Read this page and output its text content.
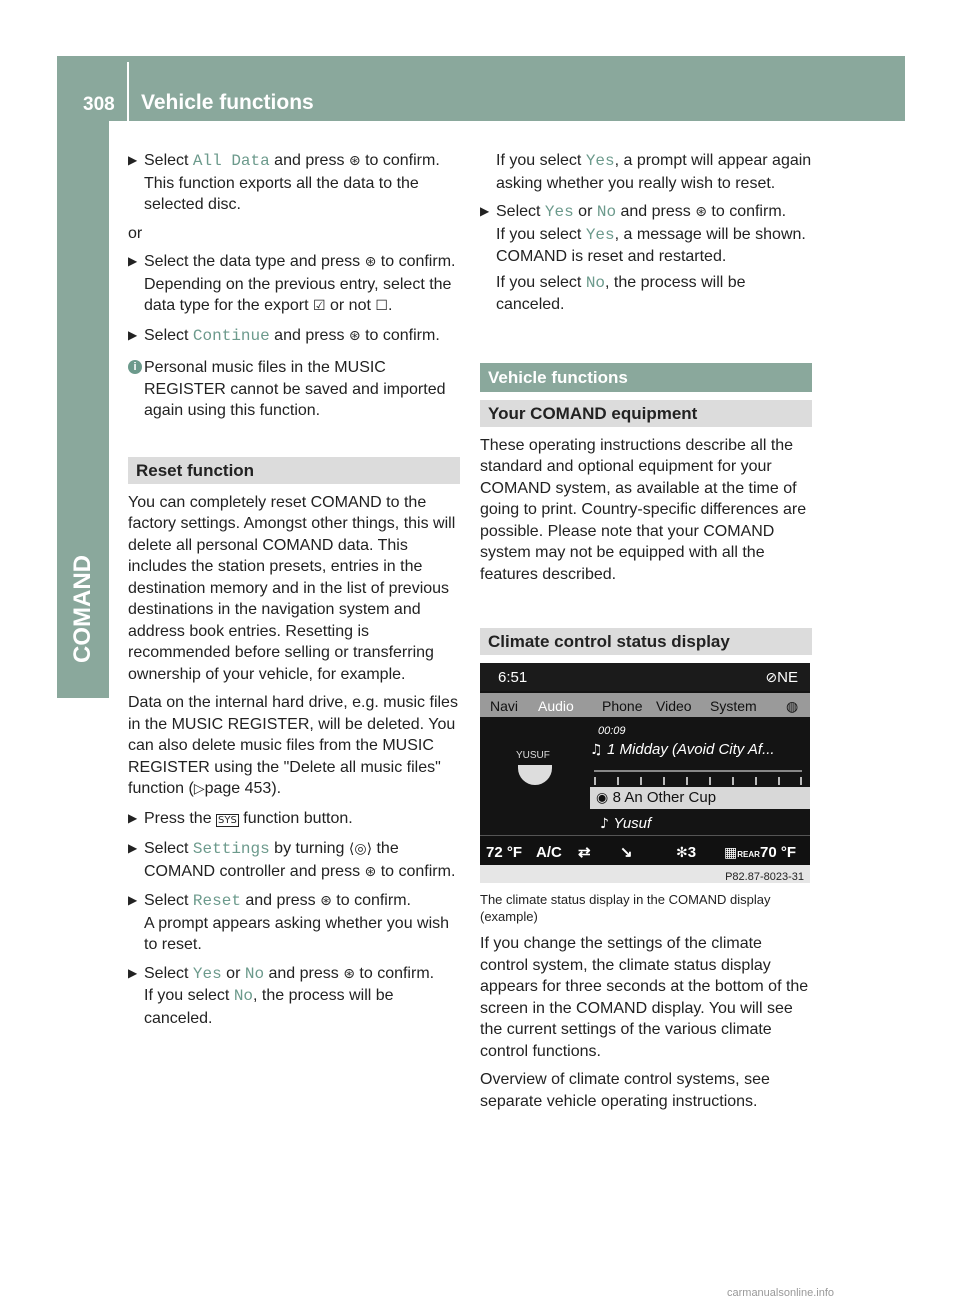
308 Vehicle functions
COMAND
▶ Select All Data and press ⊛ to confirm.
This function exports all the data to the selected disc.
or
▶ Select the data type and press ⊛ to confirm.
Depending on the previous entry, select the data type for the export ☑ or not ☐.
▶ Select Continue and press ⊛ to confirm.
i Personal music files in the MUSIC REGISTER cannot be saved and imported again using this function.
Reset function
You can completely reset COMAND to the factory settings. Amongst other things, this will delete all personal COMAND data. This includes the station presets, entries in the destination memory and in the list of previous destinations in the navigation system and address book entries. Resetting is recommended before selling or transferring ownership of your vehicle, for example.
Data on the internal hard drive, e.g. music files in the MUSIC REGISTER, will be deleted. You can also delete music files from the MUSIC REGISTER using the "Delete all music files" function (▷page 453).
▶ Press the SYS function button.
▶ Select Settings by turning ⟨◎⟩ the COMAND controller and press ⊛ to confirm.
▶ Select Reset and press ⊛ to confirm.
A prompt appears asking whether you wish to reset.
▶ Select Yes or No and press ⊛ to confirm.
If you select No, the process will be canceled.
If you select Yes, a prompt will appear again asking whether you really wish to reset.
▶ Select Yes or No and press ⊛ to confirm.
If you select Yes, a message will be shown. COMAND is reset and restarted.
If you select No, the process will be canceled.
Vehicle functions
Your COMAND equipment
These operating instructions describe all the standard and optional equipment for your COMAND system, as available at the time of going to print. Country-specific differences are possible. Please note that your COMAND system may not be equipped with all the features described.
Climate control status display
6:51	⊘NE
Navi Audio Phone Video System ◍
YUSUF
00:09
♫ 1 Midday (Avoid City Af...
◉ 8 An Other Cup
♪ Yusuf
72 °F A/C ⇄ ↘	✻3 ▦REAR 70 °F
P82.87-8023-31
The climate status display in the COMAND display (example)
If you change the settings of the climate control system, the climate status display appears for three seconds at the bottom of the screen in the COMAND display. You will see the current settings of the various climate control functions.
Overview of climate control systems, see separate vehicle operating instructions.
carmanualsonline.info
